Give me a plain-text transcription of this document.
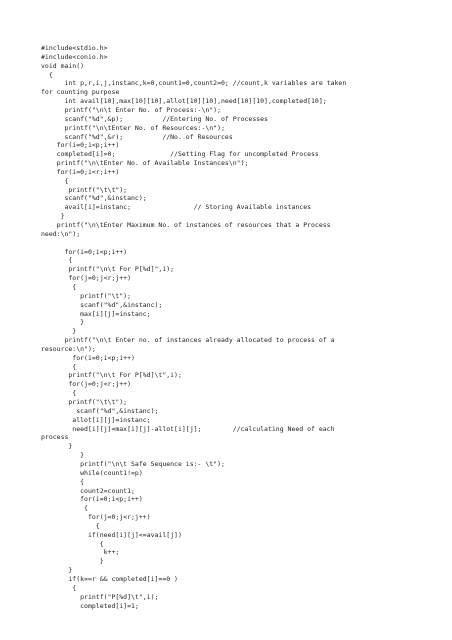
#include<stdio.h>
#include<conio.h>
void main()
{
int p,r,i,j,instanc,k=0,count1=0,count2=0; //count,k variables are taken
for counting purpose
int avail[10],max[10][10],allot[10][10],need[10][10],completed[10];
printf("\n\t Enter No. of Process:-\n");
scanf("%d",&p);          //Entering No. of Processes
printf("\n\tEnter No. of Resources:-\n");
scanf("%d",&r);          //No. of Resources
for(i=0;i<p;i++)
completed[i]=0;              //Setting Flag for uncompleted Process
printf("\n\tEnter No. of Available Instances\n");
for(i=0;i<r;i++)
{
printf("\t\t");
scanf("%d",&instanc);
avail[i]=instanc;                // Storing Available instances
}
printf("\n\tEnter Maximum No. of instances of resources that a Process
need:\n");
for(i=0;i<p;i++)
{
printf("\n\t For P[%d]",i);
for(j=0;j<r;j++)
{
printf("\t");
scanf("%d",&instanc);
max[i][j]=instanc;
}
}
printf("\n\t Enter no. of instances already allocated to process of a
resource:\n");
for(i=0;i<p;i++)
{
printf("\n\t For P[%d]\t",i);
for(j=0;j<r;j++)
{
printf("\t\t");
scanf("%d",&instanc);
allot[i][j]=instanc;
need[i][j]=max[i][j]-allot[i][j];        //calculating Need of each
process
}
}
printf("\n\t Safe Sequence is:- \t");
while(count1!=p)
{
count2=count1;
for(i=0;i<p;i++)
{
for(j=0;j<r;j++)
{
if(need[i][j]<=avail[j])
{
k++;
}
}
if(k==r && completed[i]==0 )
{
printf("P[%d]\t",i);
completed[i]=1;
